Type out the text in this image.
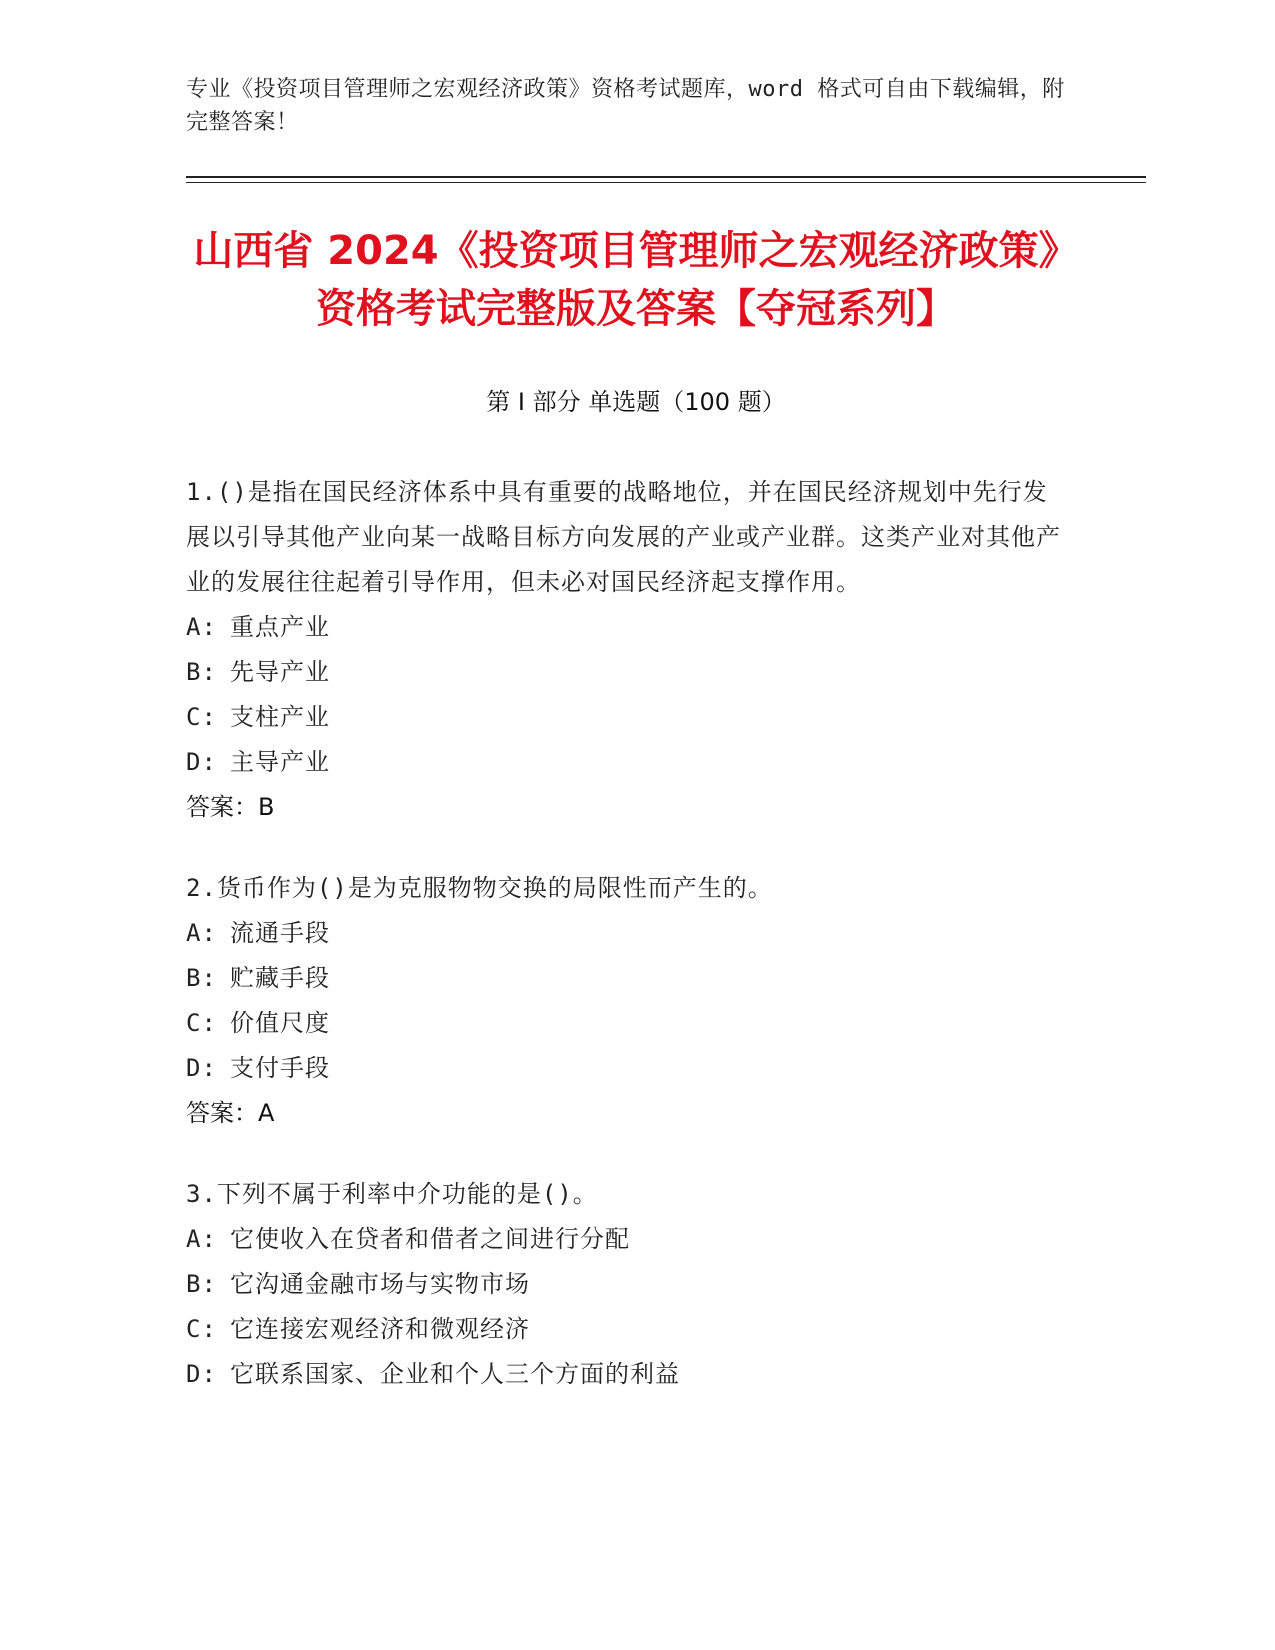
专业《投资项目管理师之宏观经济政策》资格考试题库，word 格式可自由下载编辑，附完整答案！
山西省 2024《投资项目管理师之宏观经济政策》资格考试完整版及答案【夺冠系列】
第 I 部分 单选题（100 题）

1.()是指在国民经济体系中具有重要的战略地位，并在国民经济规划中先行发展以引导其他产业向某一战略目标方向发展的产业或产业群。这类产业对其他产业的发展往往起着引导作用，但未必对国民经济起支撑作用。

A: 重点产业

B: 先导产业

C: 支柱产业

D: 主导产业

答案：B

2.货币作为()是为克服物物交换的局限性而产生的。

A: 流通手段

B: 贮藏手段

C: 价值尺度

D: 支付手段

答案：A

3.下列不属于利率中介功能的是()。

A: 它使收入在贷者和借者之间进行分配

B: 它沟通金融市场与实物市场

C: 它连接宏观经济和微观经济

D: 它联系国家、企业和个人三个方面的利益
